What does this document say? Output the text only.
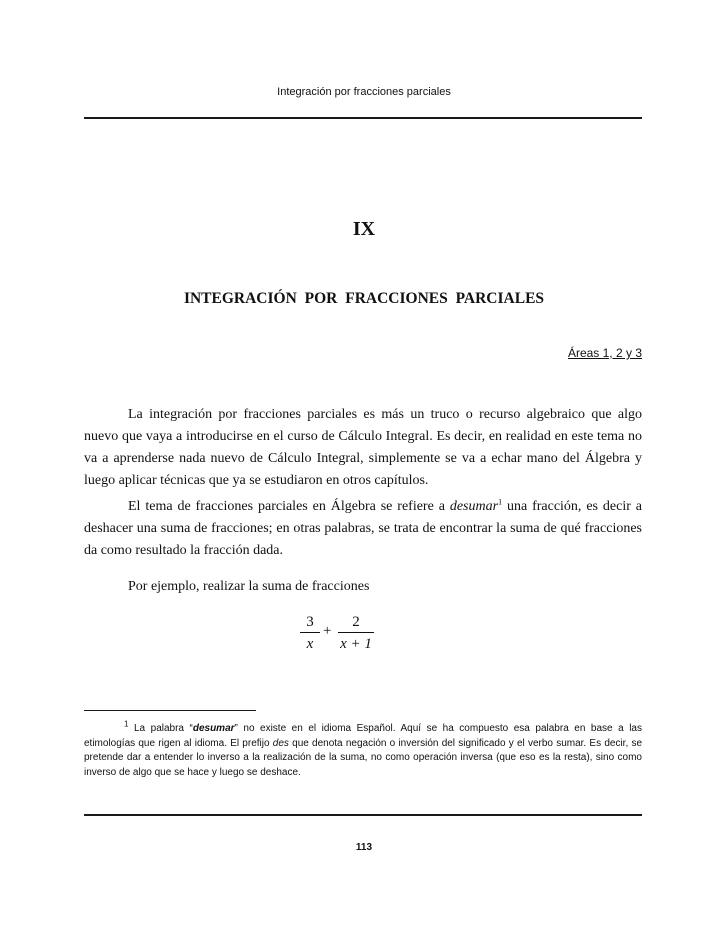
Integración por fracciones parciales
IX
INTEGRACIÓN POR FRACCIONES PARCIALES
Áreas 1, 2 y 3

La integración por fracciones parciales es más un truco o recurso algebraico que algo nuevo que vaya a introducirse en el curso de Cálculo Integral. Es decir, en realidad en este tema no va a aprenderse nada nuevo de Cálculo Integral, simplemente se va a echar mano del Álgebra y luego aplicar técnicas que ya se estudiaron en otros capítulos.

El tema de fracciones parciales en Álgebra se refiere a desumar$^1$ una fracción, es decir a deshacer una suma de fracciones; en otras palabras, se trata de encontrar la suma de qué fracciones da como resultado la fracción dada.

Por ejemplo, realizar la suma de fracciones

3
x
+
2
x + 1

$^1$ La palabra “desumar” no existe en el idioma Español. Aquí se ha compuesto esa palabra en base a las etimologías que rigen al idioma. El prefijo des que denota negación o inversión del significado y el verbo sumar. Es decir, se pretende dar a entender lo inverso a la realización de la suma, no como operación inversa (que eso es la resta), sino como inverso de algo que se hace y luego se deshace.

113
